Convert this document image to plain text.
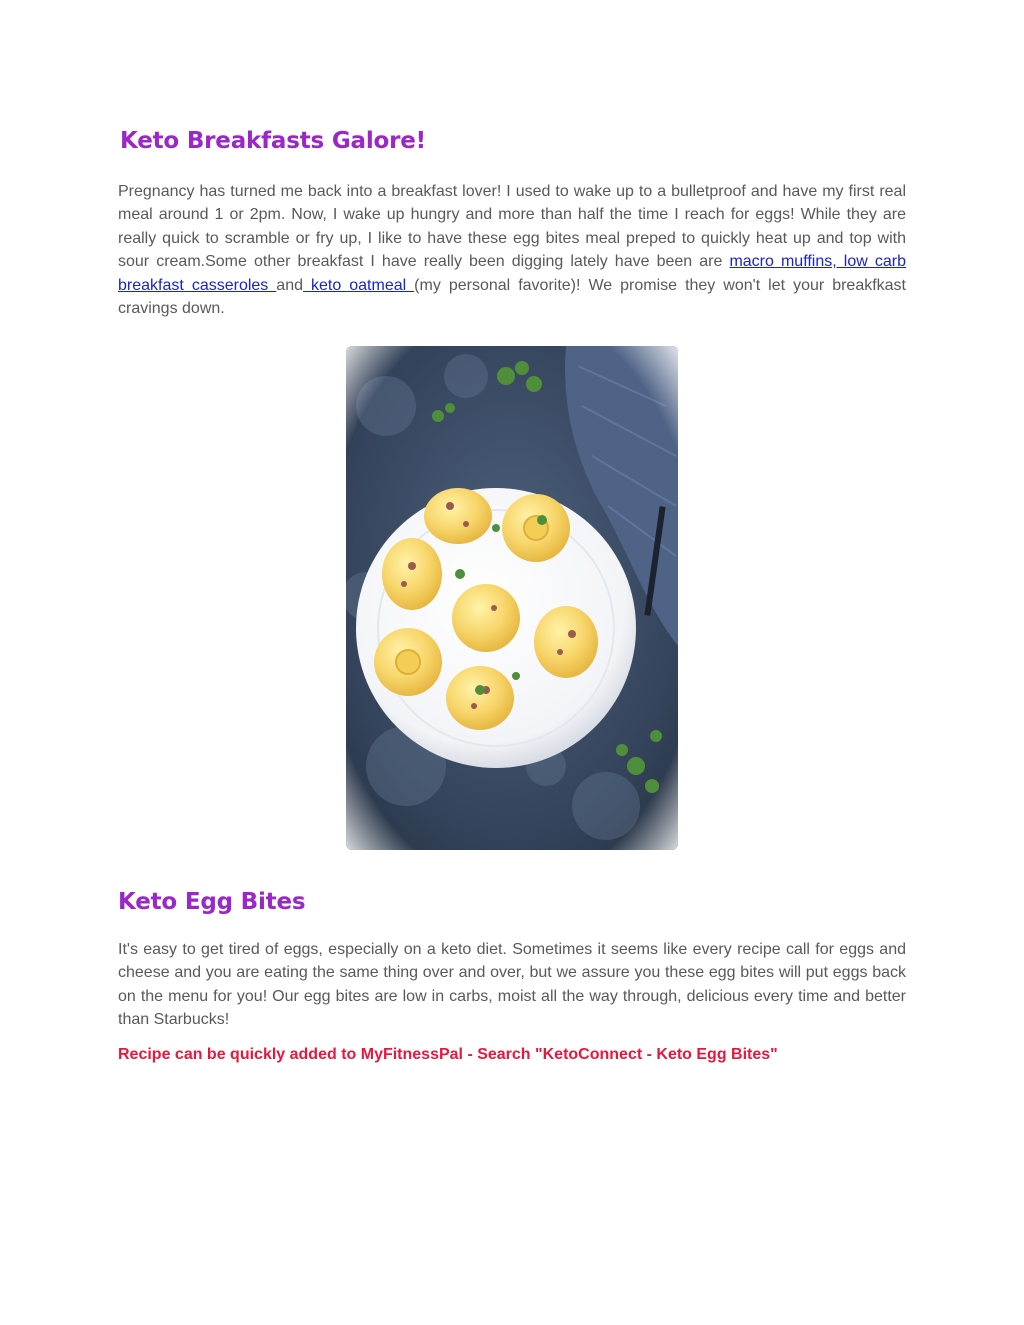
Keto Breakfasts Galore!

Pregnancy has turned me back into a breakfast lover! I used to wake up to a bulletproof and have my first real meal around 1 or 2pm. Now, I wake up hungry and more than half the time I reach for eggs! While they are really quick to scramble or fry up, I like to have these egg bites meal preped to quickly heat up and top with sour cream.Some other breakfast I have really been digging lately have been are macro muffins, low carb breakfast casseroles and keto oatmeal (my personal favorite)! We promise they won't let your breakfkast cravings down.

Keto Egg Bites

It's easy to get tired of eggs, especially on a keto diet. Sometimes it seems like every recipe call for eggs and cheese and you are eating the same thing over and over, but we assure you these egg bites will put eggs back on the menu for you! Our egg bites are low in carbs, moist all the way through, delicious every time and better than Starbucks!

Recipe can be quickly added to MyFitnessPal - Search "KetoConnect - Keto Egg Bites"
